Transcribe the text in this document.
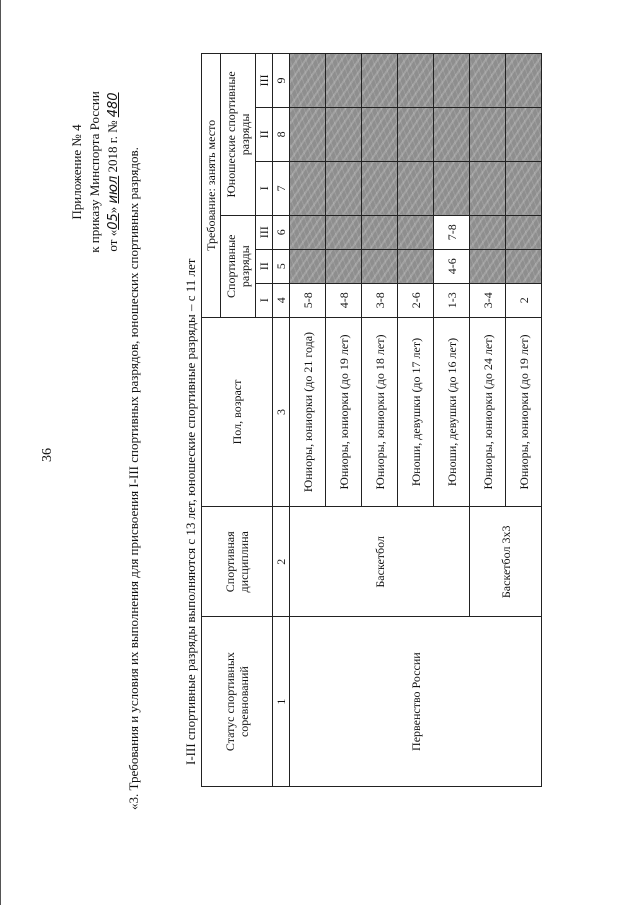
36
Приложение № 4 к приказу Минспорта России от «05» июл 2018 г. № 480
«3. Требования и условия их выполнения для присвоения I-III спортивных разрядов, юношеских спортивных разрядов.	I-III спортивные разряды выполняются с 13 лет, юношеские спортивные разряды – с 11 лет Статус спортивных соревнований	Спортивная дисциплина	Пол, возраст	Требование: занять место					
			Спортивные разряды			Юношеские спортивные разряды		
			I	II	III	I	II	III
1	2	3	4	5	6	7	8	9
Первенство России	Баскетбол	Юниоры, юниорки (до 21 года)	5-8					
		Юниоры, юниорки (до 19 лет)	4-8					
		Юниоры, юниорки (до 18 лет)	3-8					
		Юноши, девушки (до 17 лет)	2-6					
		Юноши, девушки (до 16 лет)	1-3	4-6	7-8			
	Баскетбол 3х3	Юниоры, юниорки (до 24 лет)	3-4					
		Юниоры, юниорки (до 19 лет)	2					
